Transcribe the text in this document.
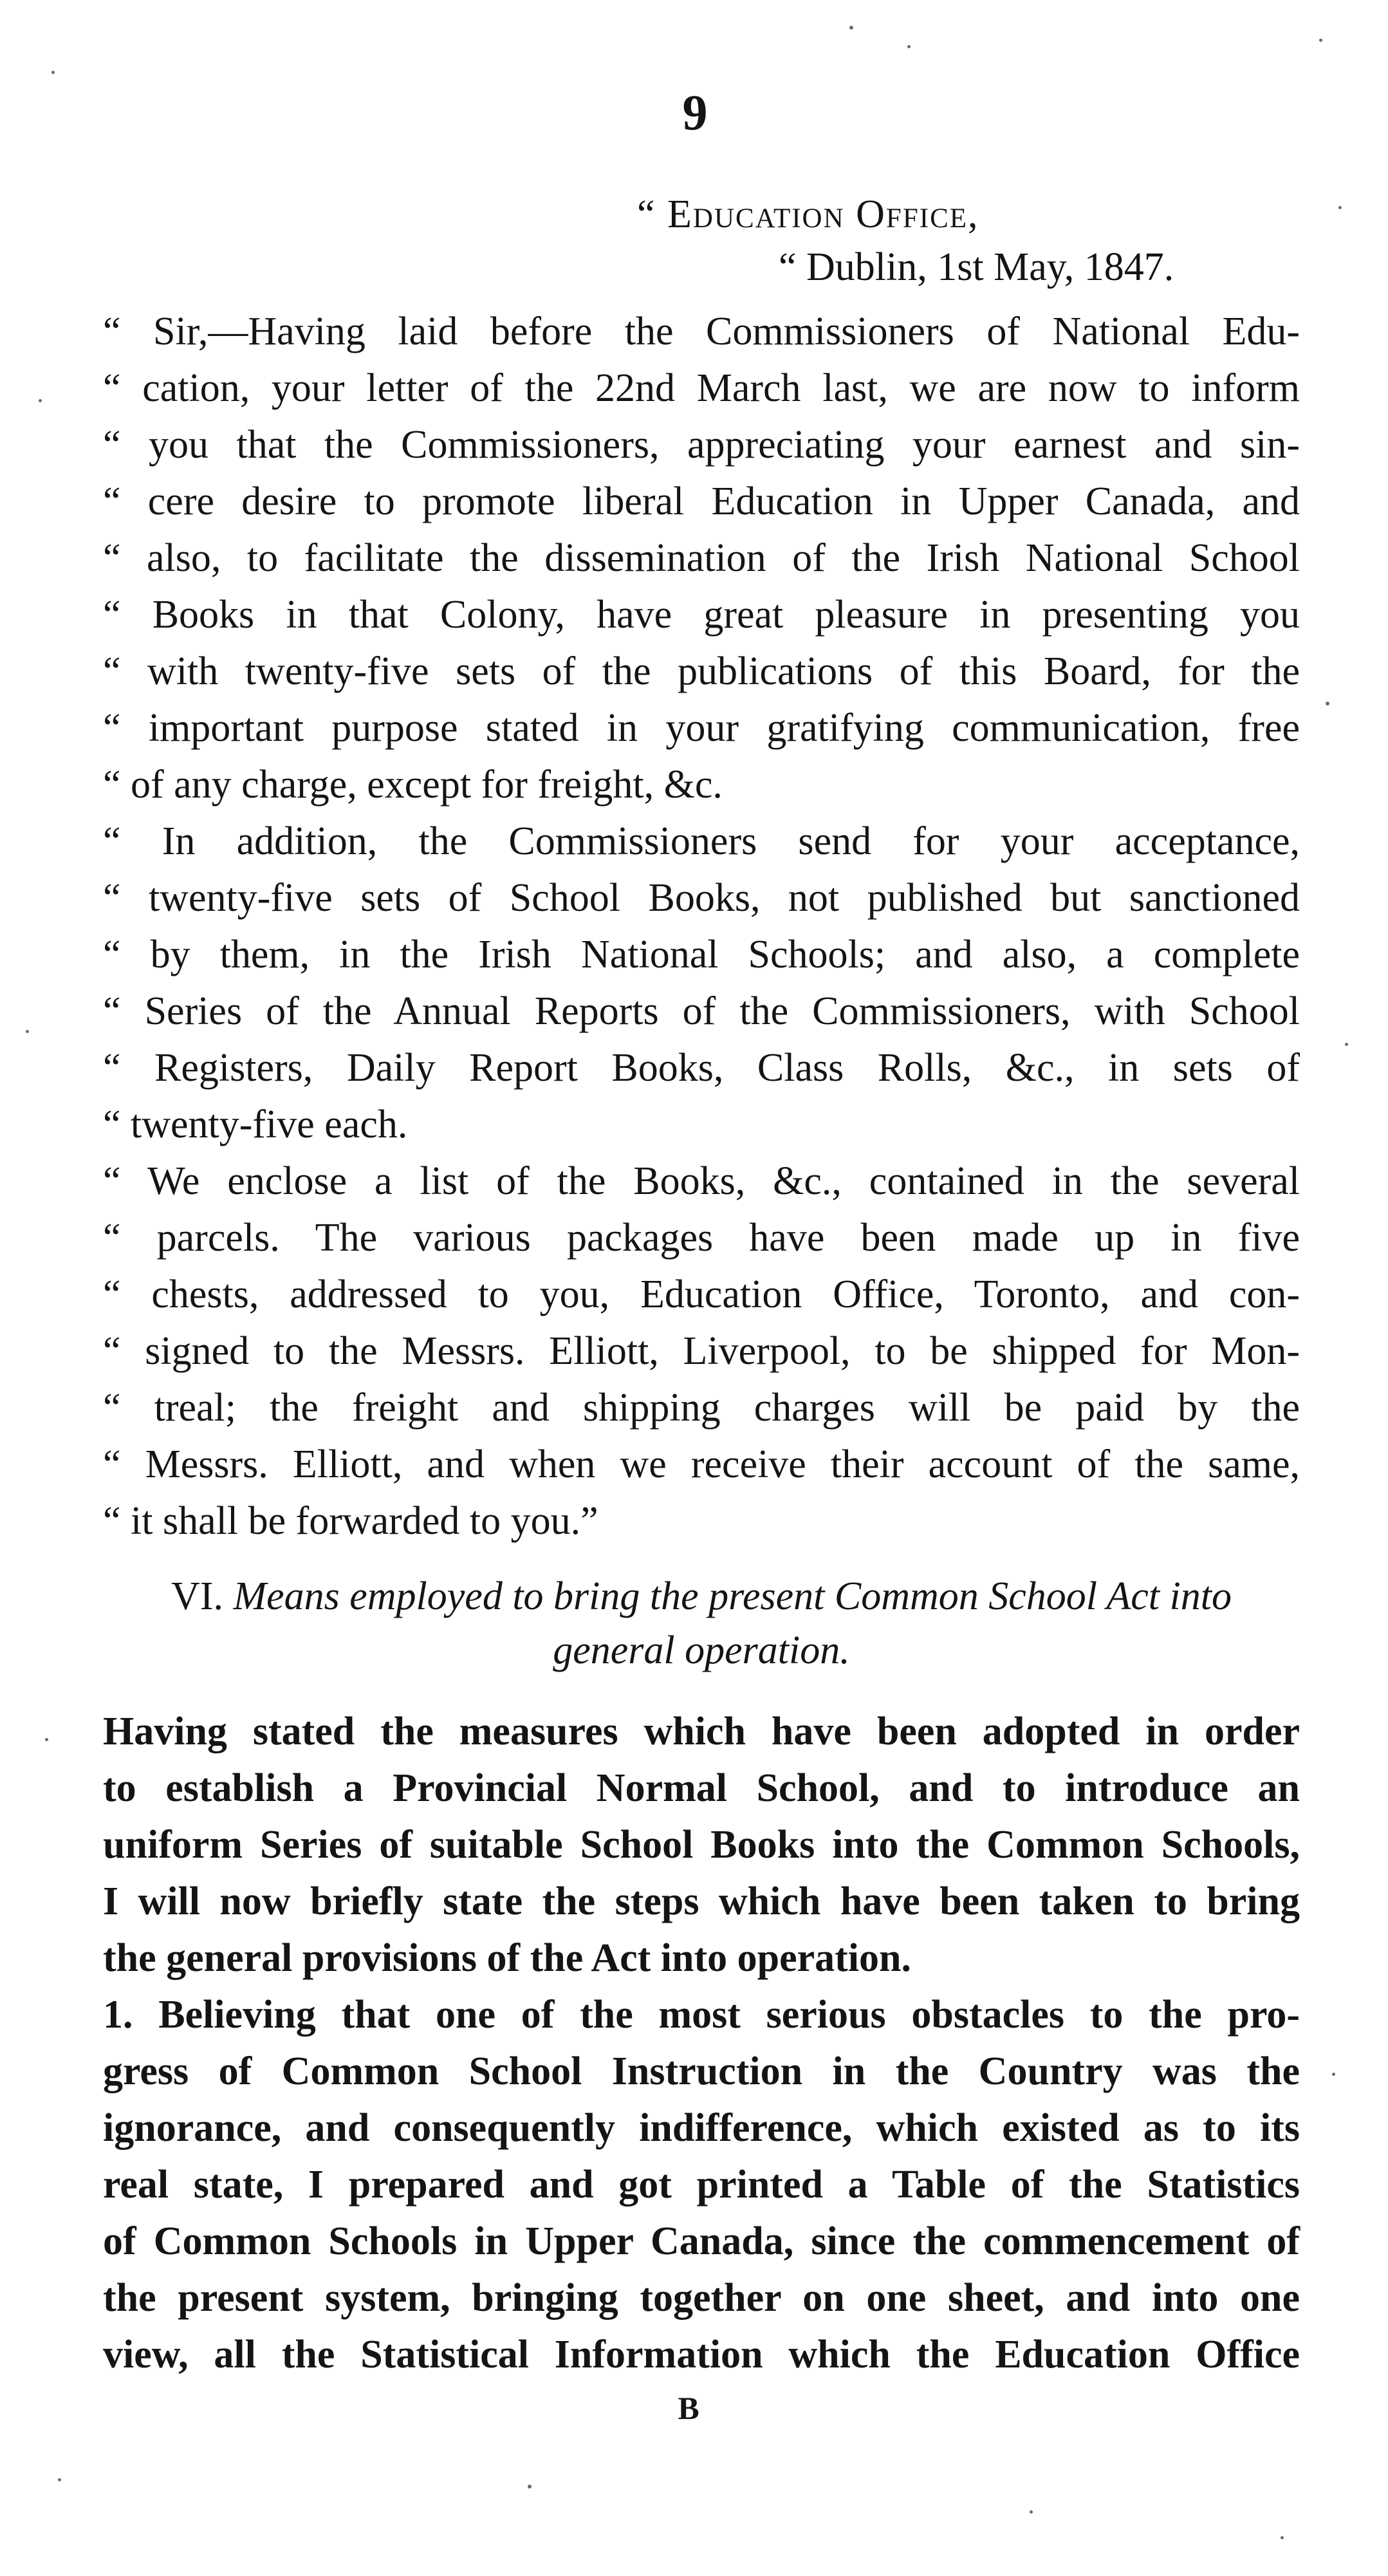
9
“ Education Office,
“ Dublin, 1st May, 1847.
“ Sir,—Having laid before the Commissioners of National Edu-
“ cation, your letter of the 22nd March last, we are now to inform
“ you that the Commissioners, appreciating your earnest and sin-
“ cere desire to promote liberal Education in Upper Canada, and
“ also, to facilitate the dissemination of the Irish National School
“ Books in that Colony, have great pleasure in presenting you
“ with twenty-five sets of the publications of this Board, for the
“ important purpose stated in your gratifying communication, free
“ of any charge, except for freight, &c.
“ In addition, the Commissioners send for your acceptance,
“ twenty-five sets of School Books, not published but sanctioned
“ by them, in the Irish National Schools; and also, a complete
“ Series of the Annual Reports of the Commissioners, with School
“ Registers, Daily Report Books, Class Rolls, &c., in sets of
“ twenty-five each.
“ We enclose a list of the Books, &c., contained in the several
“ parcels. The various packages have been made up in five
“ chests, addressed to you, Education Office, Toronto, and con-
“ signed to the Messrs. Elliott, Liverpool, to be shipped for Mon-
“ treal; the freight and shipping charges will be paid by the
“ Messrs. Elliott, and when we receive their account of the same,
“ it shall be forwarded to you.”
VI. Means employed to bring the present Common School Act into
general operation.
Having stated the measures which have been adopted in order
to establish a Provincial Normal School, and to introduce an
uniform Series of suitable School Books into the Common Schools,
I will now briefly state the steps which have been taken to bring
the general provisions of the Act into operation.
1. Believing that one of the most serious obstacles to the pro-
gress of Common School Instruction in the Country was the
ignorance, and consequently indifference, which existed as to its
real state, I prepared and got printed a Table of the Statistics
of Common Schools in Upper Canada, since the commencement of
the present system, bringing together on one sheet, and into one
view, all the Statistical Information which the Education Office
B
